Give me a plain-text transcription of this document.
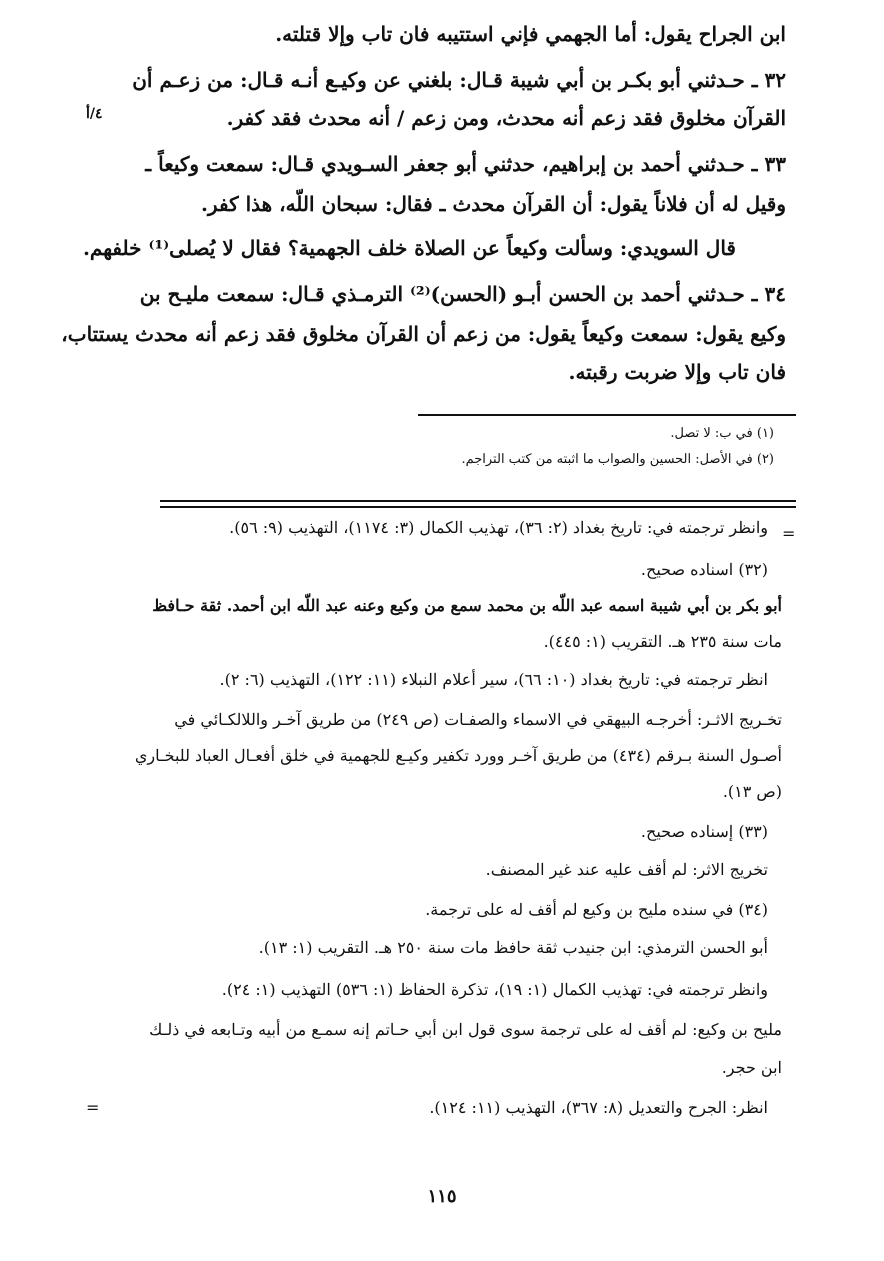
ابن الجراح يقول: أما الجهمي فإني استتيبه فان تاب وإلا قتلته.
٣٢ ـ حـدثني أبو بكـر بن أبي شيبة قـال: بلغني عن وكيـع أنـه قـال: من زعـم أن
القرآن مخلوق فقد زعم أنه محدث، ومن زعم / أنه محدث فقد كفر.
٤/أ
٣٣ ـ حـدثني أحمد بن إبراهيم، حدثني أبو جعفر السـويدي قـال: سمعت وكيعاً ـ
وقيل له أن فلاناً يقول: أن القرآن محدث ـ فقال: سبحان اللّه، هذا كفر.
قال السويدي: وسألت وكيعاً عن الصلاة خلف الجهمية؟ فقال لا يُصلى⁽¹⁾ خلفهم.
٣٤ ـ حـدثني أحمد بن الحسن أبـو (الحسن)⁽²⁾ الترمـذي قـال: سمعت مليـح بن
وكيع يقول: سمعت وكيعاً يقول: من زعم أن القرآن مخلوق فقد زعم أنه محدث يستتاب،
فان تاب وإلا ضربت رقبته.
(١) في ب: لا تصل.
(٢) في الأصل: الحسين والصواب ما اثبته من كتب التراجم.
=
وانظر ترجمته في: تاريخ بغداد (٢: ٣٦)، تهذيب الكمال (٣: ١١٧٤)، التهذيب (٩: ٥٦).
(٣٢) اسناده صحيح.
أبو بكر بن أبي شيبة اسمه عبد اللّه بن محمد سمع من وكيع وعنه عبد اللّه ابن أحمد. ثقة حـافظ
مات سنة ٢٣٥ هـ. التقريب (١: ٤٤٥).
انظر ترجمته في: تاريخ بغداد (١٠: ٦٦)، سير أعلام النبلاء (١١: ١٢٢)، التهذيب (٦: ٢).
تخـريج الاثـر: أخرجـه البيهقي في الاسماء والصفـات (ص ٢٤٩) من طريق آخـر واللالكـائي في
أصـول السنة بـرقم (٤٣٤) من طريق آخـر وورد تكفير وكيـع للجهمية في خلق أفعـال العباد للبخـاري
(ص ١٣).
(٣٣) إسناده صحيح.
تخريج الاثر: لم أقف عليه عند غير المصنف.
(٣٤) في سنده مليح بن وكيع لم أقف له على ترجمة.
أبو الحسن الترمذي: ابن جنيدب ثقة حافظ مات سنة ٢٥٠ هـ. التقريب (١: ١٣).
وانظر ترجمته في: تهذيب الكمال (١: ١٩)، تذكرة الحفاظ (١: ٥٣٦) التهذيب (١: ٢٤).
مليح بن وكيع: لم أقف له على ترجمة سوى قول ابن أبي حـاتم إنه سمـع من أبيه وتـابعه في ذلـك
ابن حجر.
=	انظر: الجرح والتعديل (٨: ٣٦٧)، التهذيب (١١: ١٢٤).
١١٥
